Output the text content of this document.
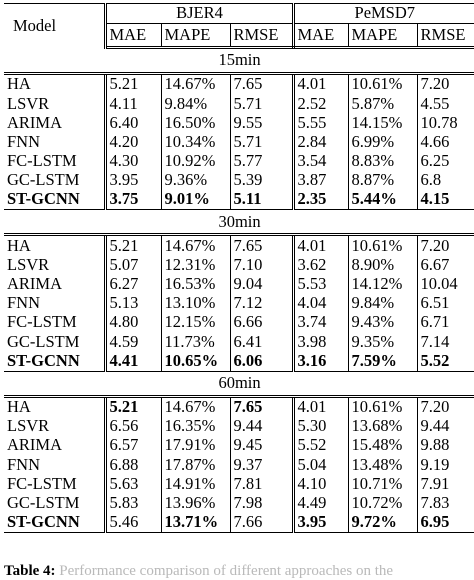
Model	BJER4			PeMSD7		
	MAE	MAPE	RMSE	MAE	MAPE	RMSE
15min						
HA	5.21	14.67%	7.65	4.01	10.61%	7.20
LSVR	4.11	9.84%	5.71	2.52	5.87%	4.55
ARIMA	6.40	16.50%	9.55	5.55	14.15%	10.78
FNN	4.20	10.34%	5.71	2.84	6.99%	4.66
FC-LSTM	4.30	10.92%	5.77	3.54	8.83%	6.25
GC-LSTM	3.95	9.36%	5.39	3.87	8.87%	6.8
ST-GCNN	3.75	9.01%	5.11	2.35	5.44%	4.15
30min						
HA	5.21	14.67%	7.65	4.01	10.61%	7.20
LSVR	5.07	12.31%	7.10	3.62	8.90%	6.67
ARIMA	6.27	16.53%	9.04	5.53	14.12%	10.04
FNN	5.13	13.10%	7.12	4.04	9.84%	6.51
FC-LSTM	4.80	12.15%	6.66	3.74	9.43%	6.71
GC-LSTM	4.59	11.73%	6.41	3.98	9.35%	7.14
ST-GCNN	4.41	10.65%	6.06	3.16	7.59%	5.52
60min						
HA	5.21	14.67%	7.65	4.01	10.61%	7.20
LSVR	6.56	16.35%	9.44	5.30	13.68%	9.44
ARIMA	6.57	17.91%	9.45	5.52	15.48%	9.88
FNN	6.88	17.87%	9.37	5.04	13.48%	9.19
FC-LSTM	5.63	14.91%	7.81	4.10	10.71%	7.91
GC-LSTM	5.83	13.96%	7.98	4.49	10.72%	7.83
ST-GCNN	5.46	13.71%	7.66	3.95	9.72%	6.95
Table 4: Performance comparison of different approaches on the
